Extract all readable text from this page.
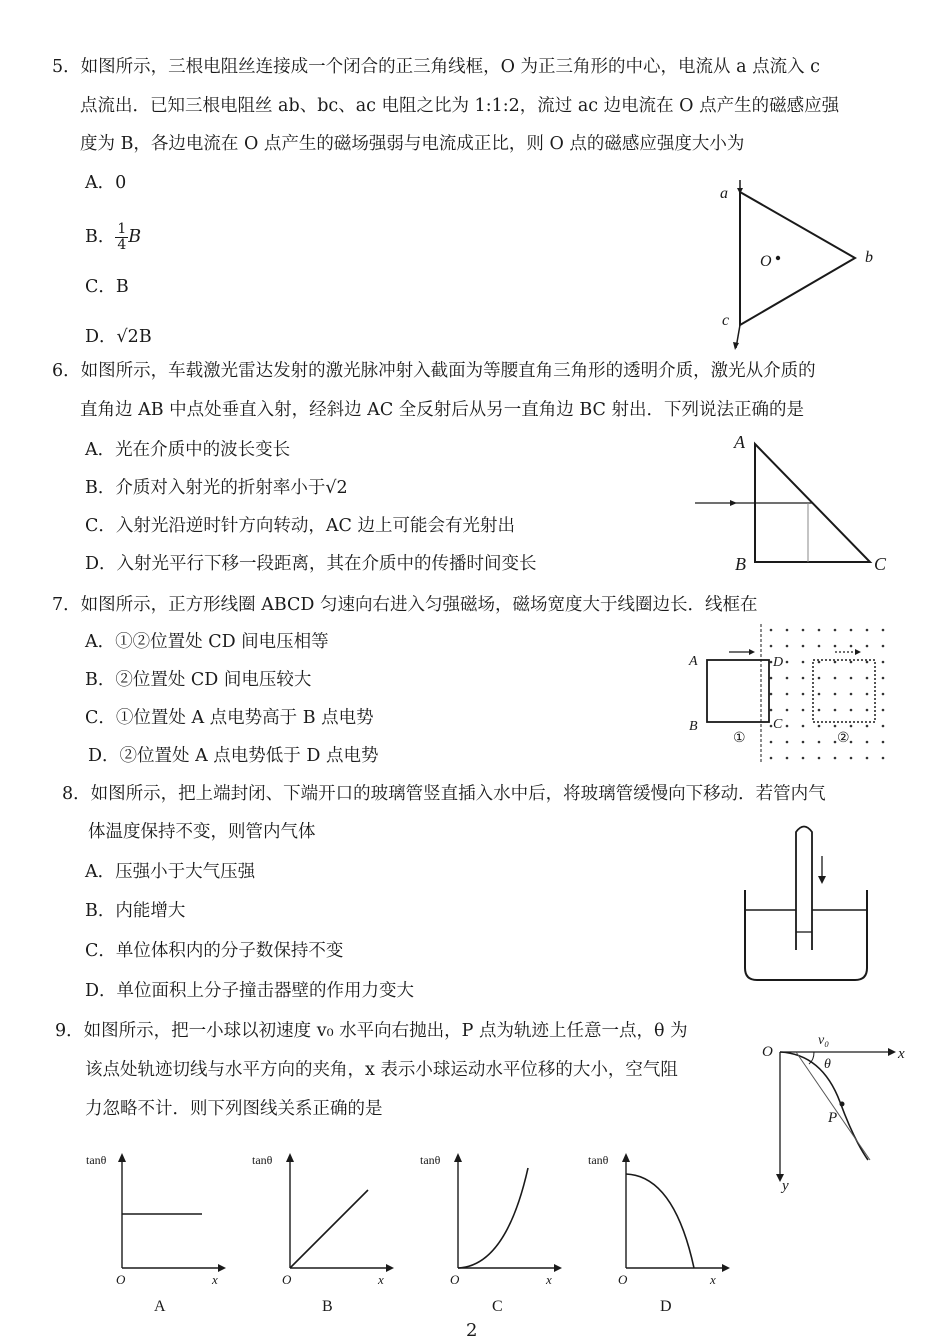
5．如图所示，三根电阻丝连接成一个闭合的正三角线框，O 为正三角形的中心，电流从 a 点流入 c
点流出．已知三根电阻丝 ab、bc、ac 电阻之比为 1:1:2，流过 ac 边电流在 O 点产生的磁感应强
度为 B，各边电流在 O 点产生的磁场强弱与电流成正比，则 O 点的磁感应强度大小为
A．0
B． $\frac{1}{4}$ B
C．B
D．√2B
a
b
c
O
6．如图所示，车载激光雷达发射的激光脉冲射入截面为等腰直角三角形的透明介质，激光从介质的
直角边 AB 中点处垂直入射，经斜边 AC 全反射后从另一直角边 BC 射出．下列说法正确的是
A．光在介质中的波长变长
B．介质对入射光的折射率小于√2
C．入射光沿逆时针方向转动，AC 边上可能会有光射出
D．入射光平行下移一段距离，其在介质中的传播时间变长
A
B	C
7．如图所示，正方形线圈 ABCD 匀速向右进入匀强磁场，磁场宽度大于线圈边长．线框在
A．①②位置处 CD 间电压相等
B．②位置处 CD 间电压较大
C．①位置处 A 点电势高于 B 点电势
D．②位置处 A 点电势低于 D 点电势
A
B
D
C
①	②
8．如图所示，把上端封闭、下端开口的玻璃管竖直插入水中后，将玻璃管缓慢向下移动．若管内气
体温度保持不变，则管内气体
A．压强小于大气压强
B．内能增大
C．单位体积内的分子数保持不变
D．单位面积上分子撞击器壁的作用力变大
9．如图所示，把一小球以初速度 v₀ 水平向右抛出，P 点为轨迹上任意一点，θ 为
该点处轨迹切线与水平方向的夹角，x 表示小球运动水平位移的大小，空气阻
力忽略不计．则下列图线关系正确的是
O	x
y
v₀
θ
P
tanθ
O	x
A
tanθ
O	x
B
tanθ
O	x
C
tanθ
O	x
D
2
